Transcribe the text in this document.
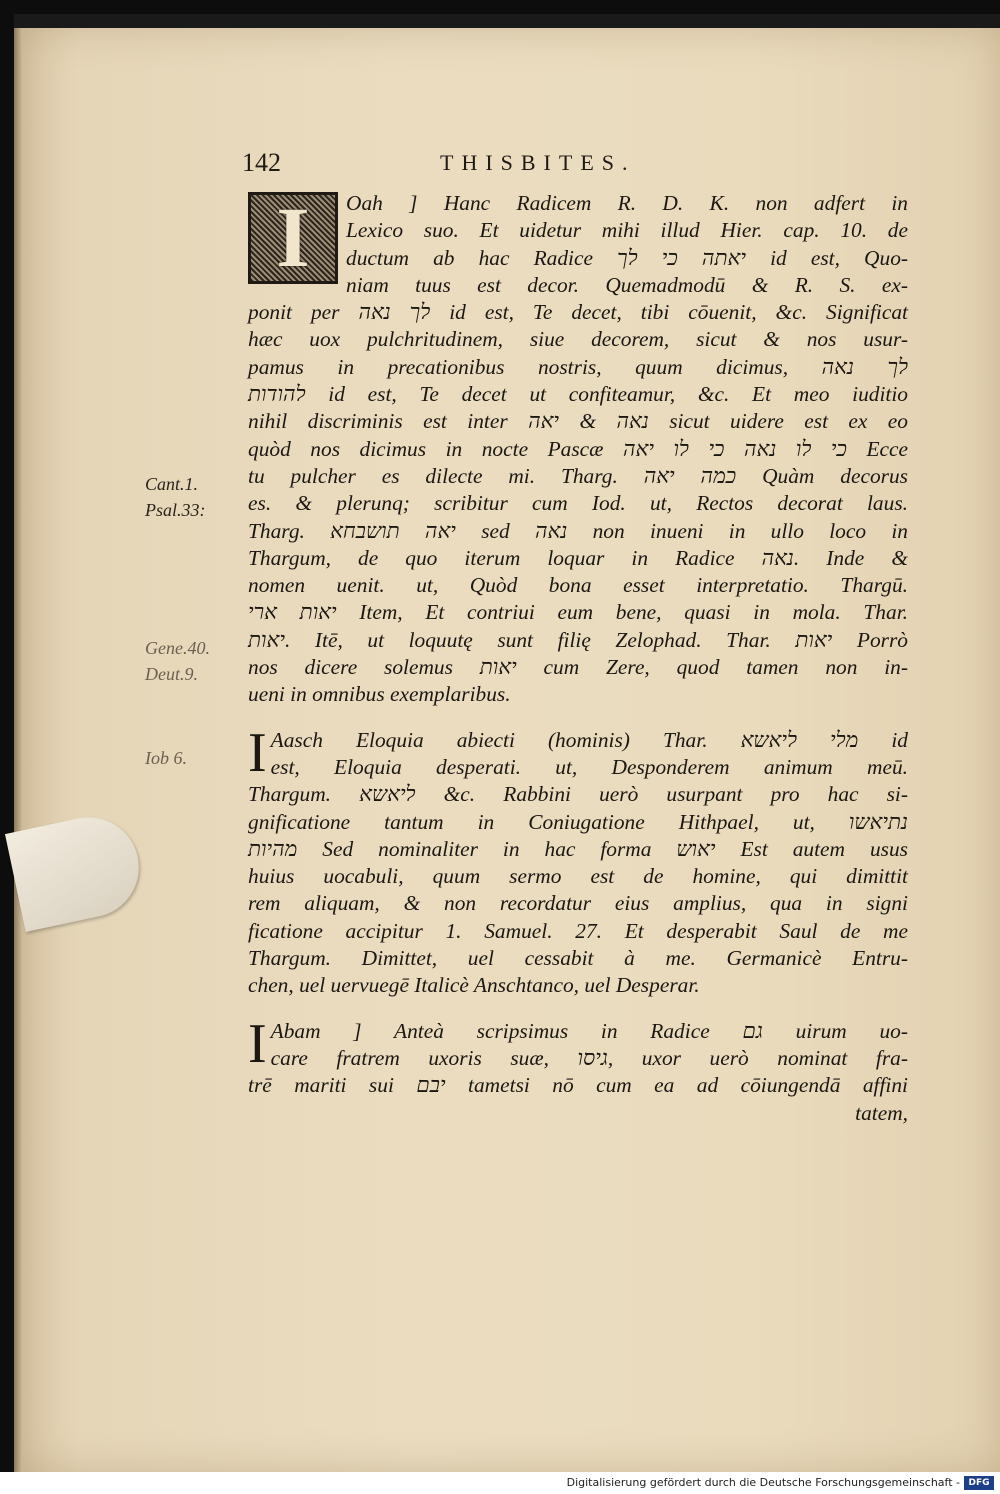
142	THISBITES.
I	Oah ] Hanc Radicem R. D. K. non adfert in
Lexico suo. Et uidetur mihi illud Hier. cap. 10. de
ductum ab hac Radice יאתה כי לך id est, Quo-
niam tuus est decor. Quemadmodū & R. S. ex-
ponit per לך נאה id est, Te decet, tibi cōuenit, &c. Significat
hæc uox pulchritudinem, siue decorem, sicut & nos usur-
pamus in precationibus nostris, quum dicimus, לך נאה
להודות id est, Te decet ut confiteamur, &c. Et meo iuditio
nihil discriminis est inter נאה & יאה sicut uidere est ex eo
quòd nos dicimus in nocte Pascæ כי לו נאה כי לו יאה Ecce
tu pulcher es dilecte mi. Tharg. כמה יאה Quàm decorus
es. & plerunq; scribitur cum Iod. ut, Rectos decorat laus.
Tharg. יאה תושבחא sed נאה non inueni in ullo loco in
Thargum, de quo iterum loquar in Radice נאה. Inde &
nomen uenit. ut, Quòd bona esset interpretatio. Thargū.
יאות ארי Item, Et contriui eum bene, quasi in mola. Thar.
יאות. Itē, ut loquutę sunt filię Zelophad. Thar. יאות Porrò
nos dicere solemus יאות cum Zere, quod tamen non in-
ueni in omnibus exemplaribus.

I Aasch Eloquia abiecti (hominis) Thar. מלי ליאשא id
est, Eloquia desperati. ut, Desponderem animum meū.
Thargum. ליאשא &c. Rabbini uerò usurpant pro hac si-
gnificatione tantum in Coniugatione Hithpael, ut, נתיאשו
מהיות Sed nominaliter in hac forma יאוש Est autem usus
huius uocabuli, quum sermo est de homine, qui dimittit
rem aliquam, & non recordatur eius amplius, qua in signi
ficatione accipitur 1. Samuel. 27. Et desperabit Saul de me
Thargum. Dimittet, uel cessabit à me. Germanicè Entru-
chen, uel uervuegē Italicè Anschtanco, uel Desperar.

I Abam ] Anteà scripsimus in Radice גם uirum uo-
care fratrem uxoris suæ, גיסו, uxor uerò nominat fra-
trē mariti sui יבם tametsi nō cum ea ad cōiungendā affini
tatem,

Cant.1.
Psal.33:
Gene.40.
Deut.9.
Iob 6.
Digitalisierung gefördert durch die Deutsche Forschungsgemeinschaft - DFG
